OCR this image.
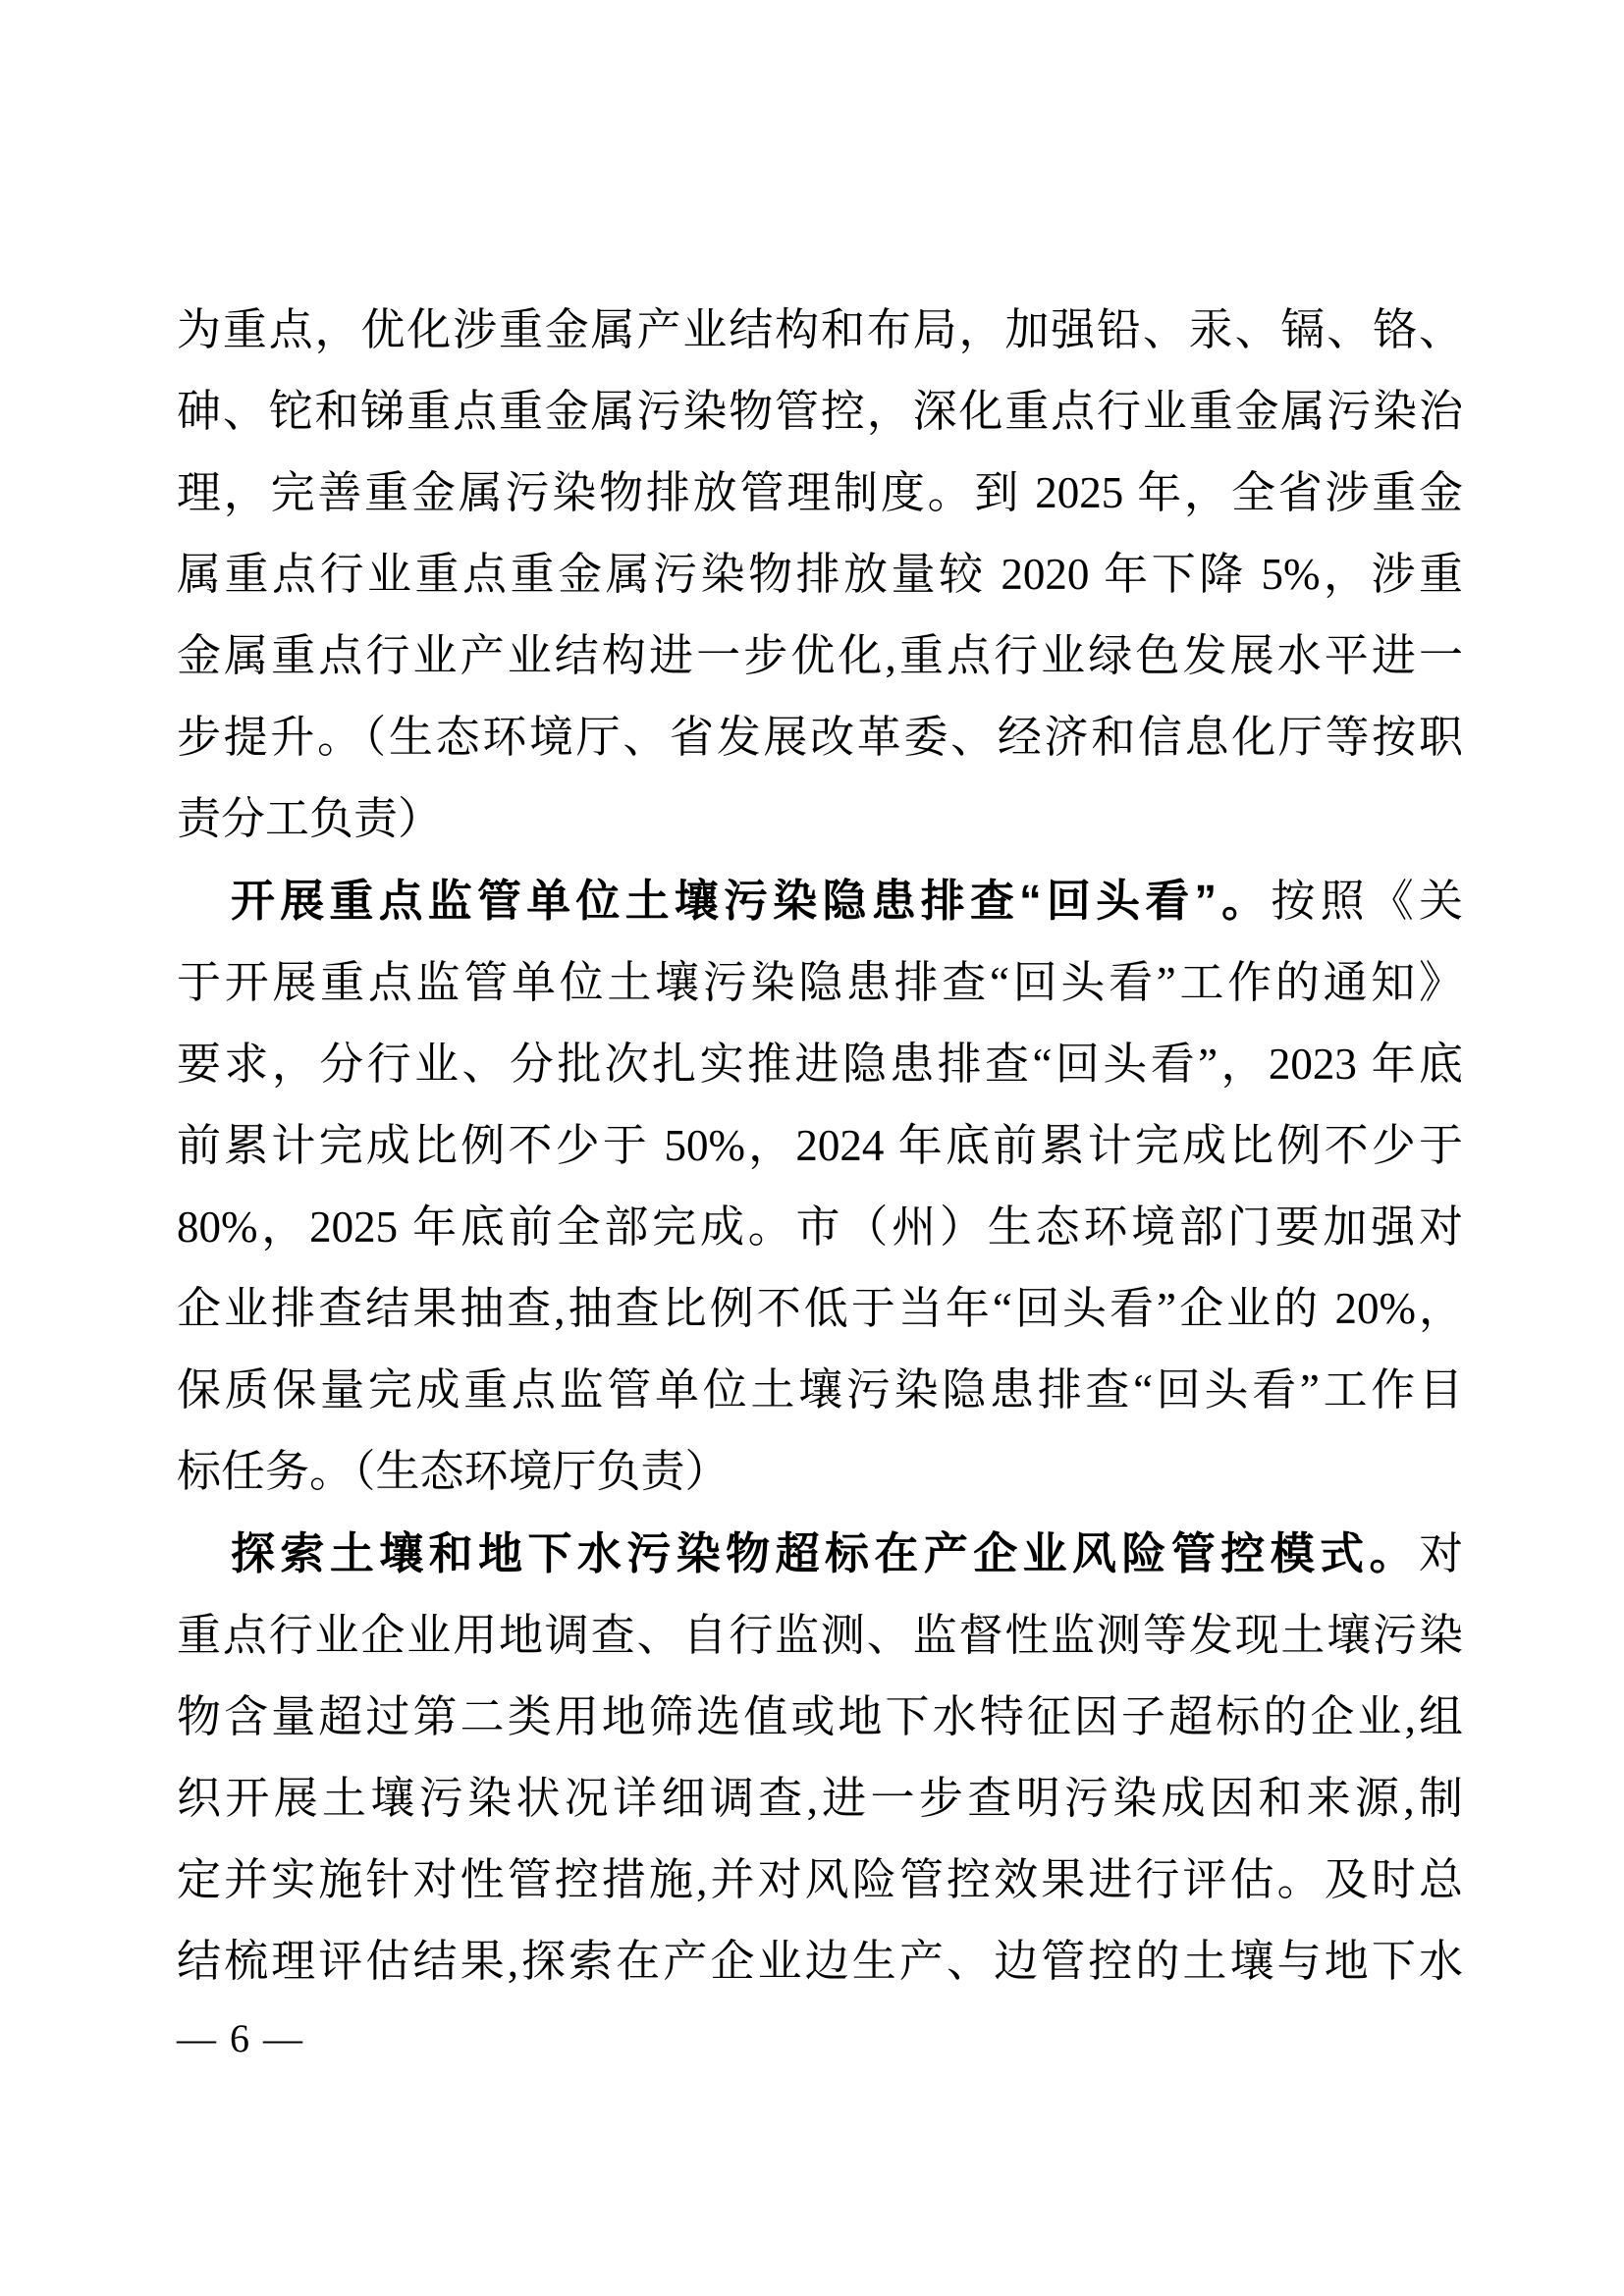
为重点，优化涉重金属产业结构和布局，加强铅、汞、镉、铬、
砷、铊和锑重点重金属污染物管控，深化重点行业重金属污染治
理，完善重金属污染物排放管理制度。到 2025 年，全省涉重金
属重点行业重点重金属污染物排放量较 2020 年下降 5%，涉重
金属重点行业产业结构进一步优化,重点行业绿色发展水平进一
步提升。（生态环境厅、省发展改革委、经济和信息化厅等按职
责分工负责）
开展重点监管单位土壤污染隐患排查“回头看”。按照《关
于开展重点监管单位土壤污染隐患排查“回头看”工作的通知》
要求，分行业、分批次扎实推进隐患排查“回头看”，2023 年底
前累计完成比例不少于 50%，2024 年底前累计完成比例不少于
80%，2025 年底前全部完成。市（州）生态环境部门要加强对
企业排查结果抽查,抽查比例不低于当年“回头看”企业的 20%，
保质保量完成重点监管单位土壤污染隐患排查“回头看”工作目
标任务。（生态环境厅负责）
探索土壤和地下水污染物超标在产企业风险管控模式。对
重点行业企业用地调查、自行监测、监督性监测等发现土壤污染
物含量超过第二类用地筛选值或地下水特征因子超标的企业,组
织开展土壤污染状况详细调查,进一步查明污染成因和来源,制
定并实施针对性管控措施,并对风险管控效果进行评估。及时总
结梳理评估结果,探索在产企业边生产、边管控的土壤与地下水
— 6 —
